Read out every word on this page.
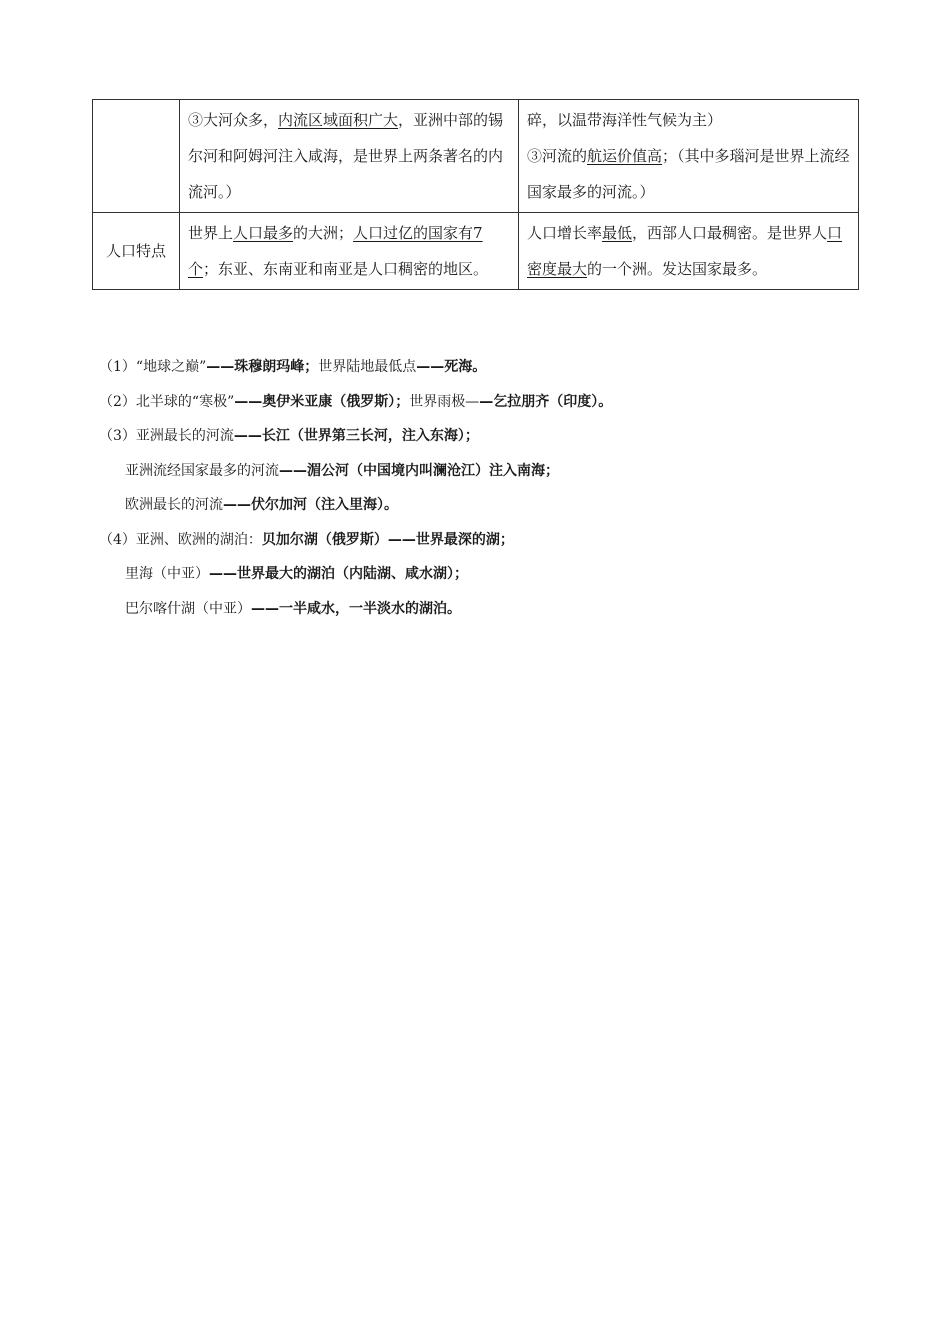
	③大河众多，内流区域面积广大，亚洲中部的锡尔河和阿姆河注入咸海，是世界上两条著名的内流河。）	碎，以温带海洋性气候为主）
③河流的航运价值高；（其中多瑙河是世界上流经国家最多的河流。）

人口特点	世界上人口最多的大洲；人口过亿的国家有7个；东亚、东南亚和南亚是人口稠密的地区。	人口增长率最低，西部人口最稠密。是世界人口密度最大的一个洲。发达国家最多。
（1）“地球之巅”——珠穆朗玛峰；世界陆地最低点——死海。
（2）北半球的“寒极”——奥伊米亚康（俄罗斯）；世界雨极——乞拉朋齐（印度）。
（3）亚洲最长的河流——长江（世界第三长河，注入东海）；
亚洲流经国家最多的河流——湄公河（中国境内叫澜沧江）注入南海；
欧洲最长的河流——伏尔加河（注入里海）。
（4）亚洲、欧洲的湖泊：贝加尔湖（俄罗斯）——世界最深的湖；
里海（中亚）——世界最大的湖泊（内陆湖、咸水湖）；
巴尔喀什湖（中亚）——一半咸水，一半淡水的湖泊。
